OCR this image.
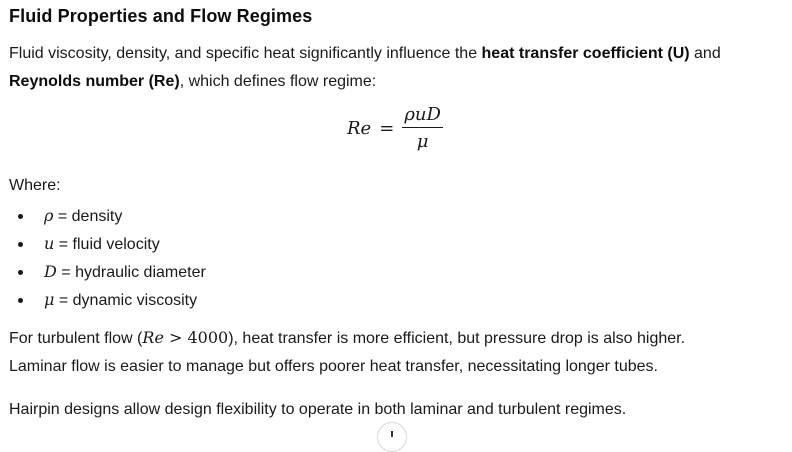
Fluid Properties and Flow Regimes

Fluid viscosity, density, and specific heat significantly influence the heat transfer coefficient (U) and Reynolds number (Re), which defines flow regime:

$Re = \frac{\text{ρuD}}{\mu}$

Where:

ρ = density
u = fluid velocity
D = hydraulic diameter
μ = dynamic viscosity

For turbulent flow (Re > 4000), heat transfer is more efficient, but pressure drop is also higher.
Laminar flow is easier to manage but offers poorer heat transfer, necessitating longer tubes.

Hairpin designs allow design flexibility to operate in both laminar and turbulent regimes.
